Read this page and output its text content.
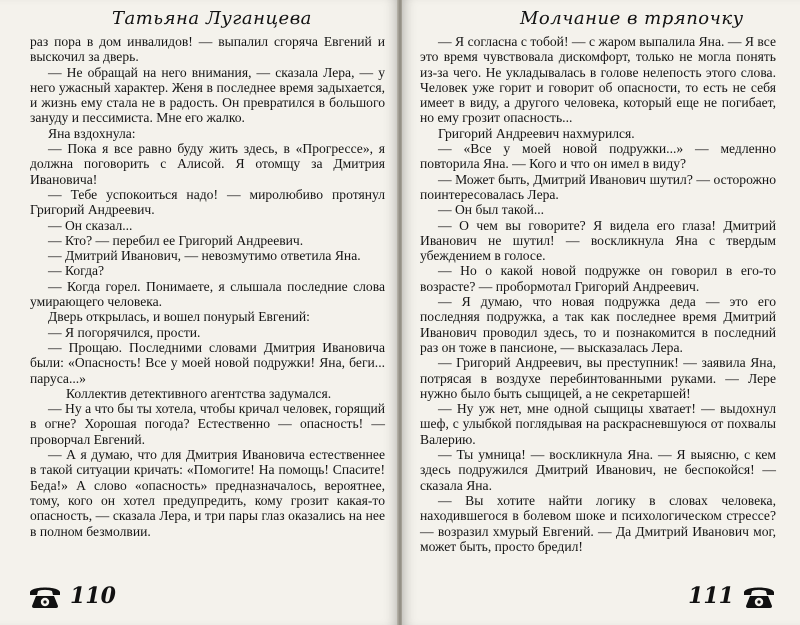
Татьяна Луганцева

раз пора в дом инвалидов! — выпалил сгоряча Евгений и выскочил за дверь.

— Не обращай на него внимания, — сказала Лера, — у него ужасный характер. Женя в последнее время задыхается, и жизнь ему стала не в радость. Он превратился в большого зануду и пессимиста. Мне его жалко.

Яна вздохнула:

— Пока я все равно буду жить здесь, в «Прогрессе», я должна поговорить с Алисой. Я отомщу за Дмитрия Ивановича!

— Тебе успокоиться надо! — миролюбиво протянул Григорий Андреевич.

— Он сказал...

— Кто? — перебил ее Григорий Андреевич.

— Дмитрий Иванович, — невозмутимо ответила Яна.

— Когда?

— Когда горел. Понимаете, я слышала последние слова умирающего человека.

Дверь открылась, и вошел понурый Евгений:

— Я погорячился, прости.

— Прощаю. Последними словами Дмитрия Ивановича были: «Опасность! Все у моей новой подружки! Яна, беги... паруса...»

Коллектив детективного агентства задумался.

— Ну а что бы ты хотела, чтобы кричал человек, горящий в огне? Хорошая погода? Естественно — опасность! — проворчал Евгений.

— А я думаю, что для Дмитрия Ивановича естественнее в такой ситуации кричать: «Помогите! На помощь! Спасите! Беда!» А слово «опасность» предназначалось, вероятнее, тому, кого он хотел предупредить, кому грозит какая-то опасность, — сказала Лера, и три пары глаз оказались на нее в полном безмолвии.

110
Молчание в тряпочку

— Я согласна с тобой! — с жаром выпалила Яна. — Я все это время чувствовала дискомфорт, только не могла понять из-за чего. Не укладывалась в голове нелепость этого слова. Человек уже горит и говорит об опасности, то есть не себя имеет в виду, а другого человека, который еще не погибает, но ему грозит опасность...

Григорий Андреевич нахмурился.

— «Все у моей новой подружки...» — медленно повторила Яна. — Кого и что он имел в виду?

— Может быть, Дмитрий Иванович шутил? — осторожно поинтересовалась Лера.

— Он был такой...

— О чем вы говорите? Я видела его глаза! Дмитрий Иванович не шутил! — воскликнула Яна с твердым убеждением в голосе.

— Но о какой новой подружке он говорил в его-то возрасте? — пробормотал Григорий Андреевич.

— Я думаю, что новая подружка деда — это его последняя подружка, а так как последнее время Дмитрий Иванович проводил здесь, то и познакомится в последний раз он тоже в пансионе, — высказалась Лера.

— Григорий Андреевич, вы преступник! — заявила Яна, потрясая в воздухе перебинтованными руками. — Лере нужно было быть сыщицей, а не секретаршей!

— Ну уж нет, мне одной сыщицы хватает! — выдохнул шеф, с улыбкой поглядывая на раскрасневшуюся от похвалы Валерию.

— Ты умница! — воскликнула Яна. — Я выясню, с кем здесь подружился Дмитрий Иванович, не беспокойся! — сказала Яна.

— Вы хотите найти логику в словах человека, находившегося в болевом шоке и психологическом стрессе? — возразил хмурый Евгений. — Да Дмитрий Иванович мог, может быть, просто бредил!

111
